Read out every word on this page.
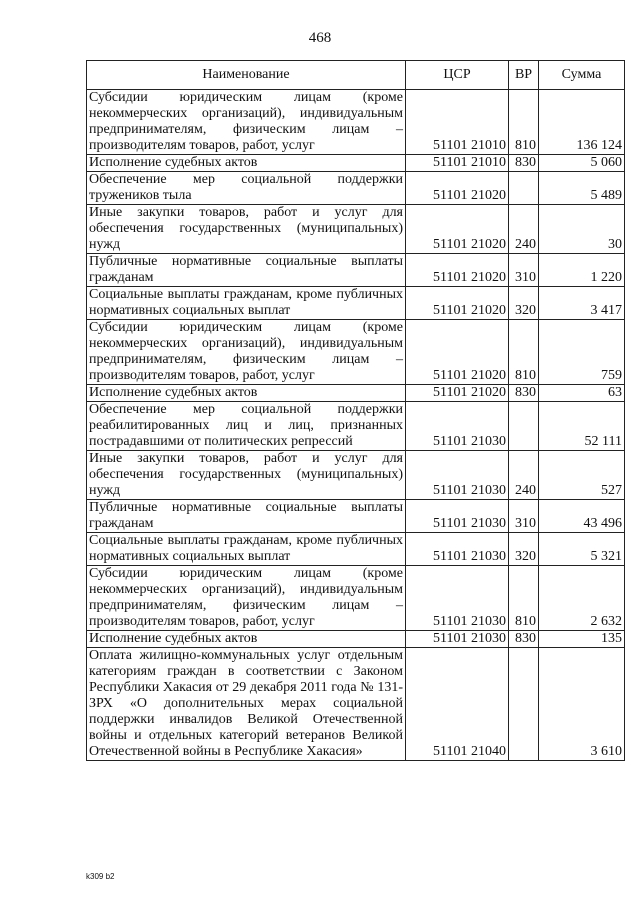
468
Наименование	ЦСР	ВР	Сумма
Субсидии юридическим лицам (кроме некоммерческих организаций), индивидуальным предпринимателям, физическим лицам – производителям товаров, работ, услуг	51101 21010	810	136 124
Исполнение судебных актов	51101 21010	830	5 060
Обеспечение мер социальной поддержки тружеников тыла	51101 21020		5 489
Иные закупки товаров, работ и услуг для обеспечения государственных (муниципальных) нужд	51101 21020	240	30
Публичные нормативные социальные выплаты гражданам	51101 21020	310	1 220
Социальные выплаты гражданам, кроме публичных нормативных социальных выплат	51101 21020	320	3 417
Субсидии юридическим лицам (кроме некоммерческих организаций), индивидуальным предпринимателям, физическим лицам – производителям товаров, работ, услуг	51101 21020	810	759
Исполнение судебных актов	51101 21020	830	63
Обеспечение мер социальной поддержки реабилитированных лиц и лиц, признанных пострадавшими от политических репрессий	51101 21030		52 111
Иные закупки товаров, работ и услуг для обеспечения государственных (муниципальных) нужд	51101 21030	240	527
Публичные нормативные социальные выплаты гражданам	51101 21030	310	43 496
Социальные выплаты гражданам, кроме публичных нормативных социальных выплат	51101 21030	320	5 321
Субсидии юридическим лицам (кроме некоммерческих организаций), индивидуальным предпринимателям, физическим лицам – производителям товаров, работ, услуг	51101 21030	810	2 632
Исполнение судебных актов	51101 21030	830	135
Оплата жилищно-коммунальных услуг отдельным категориям граждан в соответствии с Законом Республики Хакасия от 29 декабря 2011 года № 131-ЗРХ «О дополнительных мерах социальной поддержки инвалидов Великой Отечественной войны и отдельных категорий ветеранов Великой Отечественной войны в Республике Хакасия»	51101 21040		3 610
k309 b2
